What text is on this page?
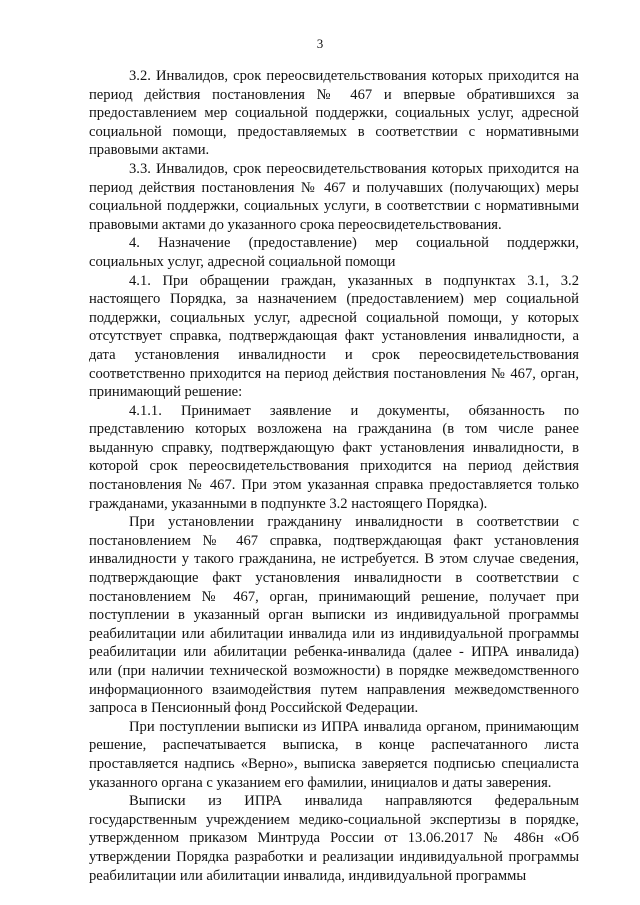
3

3.2. Инвалидов, срок переосвидетельствования которых приходится на период действия постановления № 467 и впервые обратившихся за предоставлением мер социальной поддержки, социальных услуг, адресной социальной помощи, предоставляемых в соответствии с нормативными правовыми актами.

3.3. Инвалидов, срок переосвидетельствования которых приходится на период действия постановления № 467 и получавших (получающих) меры социальной поддержки, социальных услуги, в соответствии с нормативными правовыми актами до указанного срока переосвидетельствования.

4. Назначение (предоставление) мер социальной поддержки, социальных услуг, адресной социальной помощи

4.1. При обращении граждан, указанных в подпунктах 3.1, 3.2 настоящего Порядка, за назначением (предоставлением) мер социальной поддержки, социальных услуг, адресной социальной помощи, у которых отсутствует справка, подтверждающая факт установления инвалидности, а дата установления инвалидности и срок переосвидетельствования соответственно приходится на период действия постановления № 467, орган, принимающий решение:

4.1.1. Принимает заявление и документы, обязанность по представлению которых возложена на гражданина (в том числе ранее выданную справку, подтверждающую факт установления инвалидности, в которой срок переосвидетельствования приходится на период действия постановления № 467. При этом указанная справка предоставляется только гражданами, указанными в подпункте 3.2 настоящего Порядка).

При установлении гражданину инвалидности в соответствии с постановлением № 467 справка, подтверждающая факт установления инвалидности у такого гражданина, не истребуется. В этом случае сведения, подтверждающие факт установления инвалидности в соответствии с постановлением № 467, орган, принимающий решение, получает при поступлении в указанный орган выписки из индивидуальной программы реабилитации или абилитации инвалида или из индивидуальной программы реабилитации или абилитации ребенка-инвалида (далее - ИПРА инвалида) или (при наличии технической возможности) в порядке межведомственного информационного взаимодействия путем направления межведомственного запроса в Пенсионный фонд Российской Федерации.

При поступлении выписки из ИПРА инвалида органом, принимающим решение, распечатывается выписка, в конце распечатанного листа проставляется надпись «Верно», выписка заверяется подписью специалиста указанного органа с указанием его фамилии, инициалов и даты заверения.

Выписки из ИПРА инвалида направляются федеральным государственным учреждением медико-социальной экспертизы в порядке, утвержденном приказом Минтруда России от 13.06.2017 № 486н «Об утверждении Порядка разработки и реализации индивидуальной программы реабилитации или абилитации инвалида, индивидуальной программы
